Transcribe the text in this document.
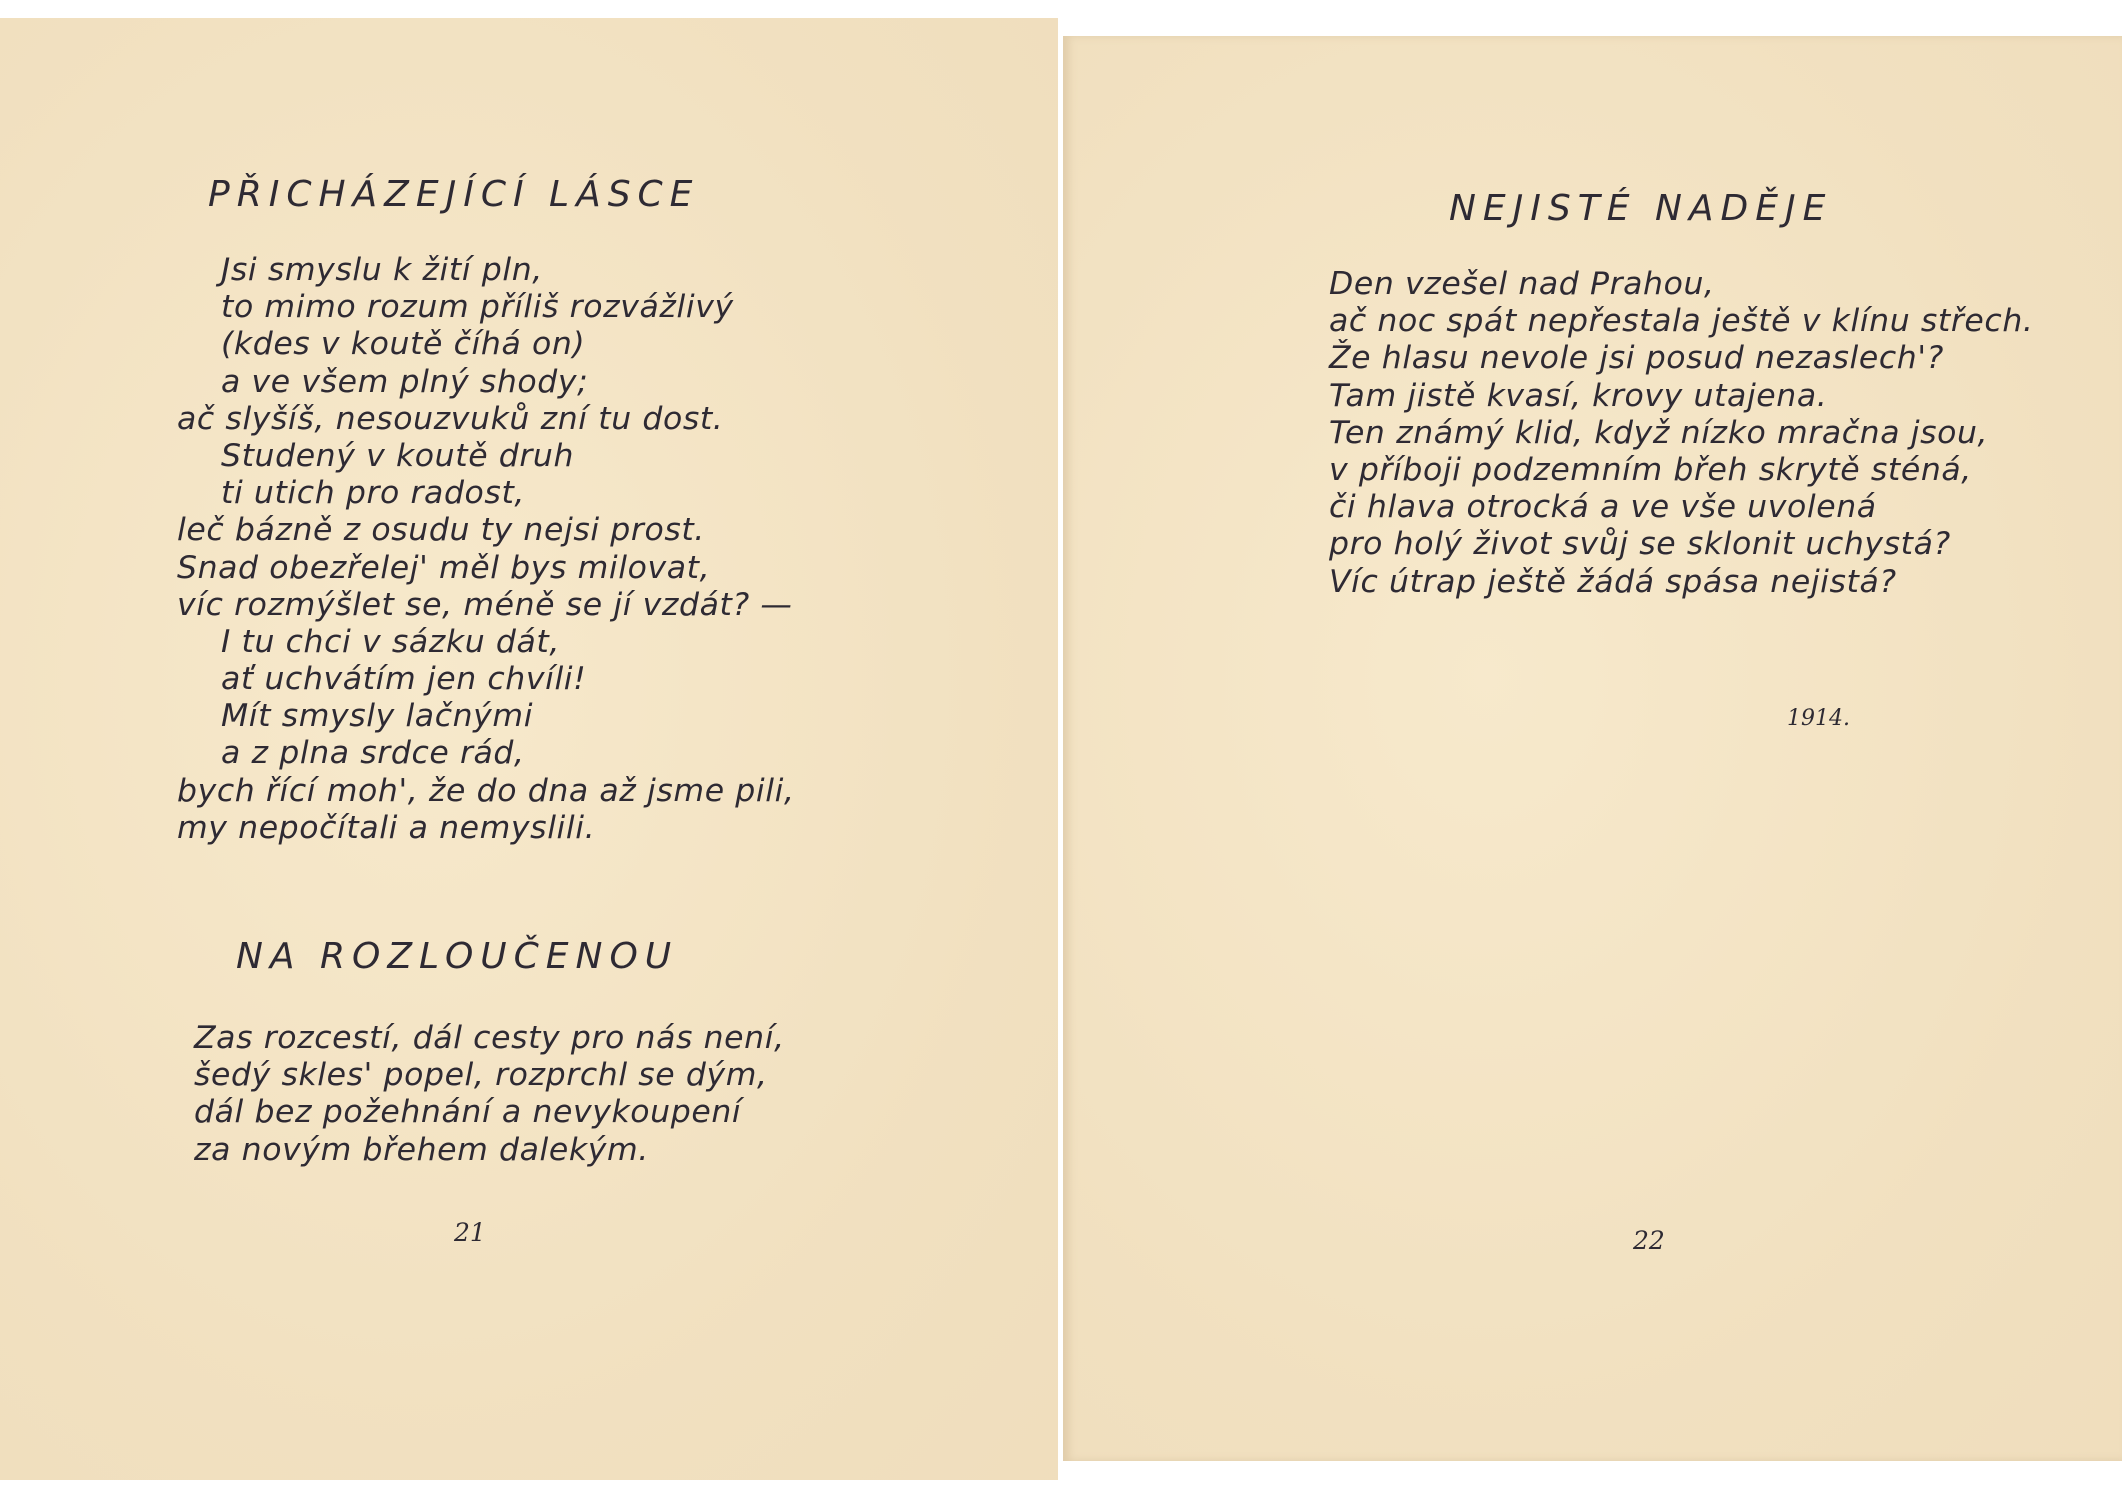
PŘICHÁZEJÍCÍ LÁSCE
Jsi smyslu k žití pln,
to mimo rozum příliš rozvážlivý
(kdes v koutě číhá on)
a ve všem plný shody;
ač slyšíš, nesouzvuků zní tu dost.
Studený v koutě druh
ti utich pro radost,
leč bázně z osudu ty nejsi prost.
Snad obezřelej' měl bys milovat,
víc rozmýšlet se, méně se jí vzdát? —
I tu chci v sázku dát,
ať uchvátím jen chvíli!
Mít smysly lačnými
a z plna srdce rád,
bych řící moh', že do dna až jsme pili,
my nepočítali a nemyslili.
NA ROZLOUČENOU
Zas rozcestí, dál cesty pro nás není,
šedý skles' popel, rozprchl se dým,
dál bez požehnání a nevykoupení
za novým břehem dalekým.
21
NEJISTÉ NADĚJE
Den vzešel nad Prahou,
ač noc spát nepřestala ještě v klínu střech.
Že hlasu nevole jsi posud nezaslech'?
Tam jistě kvasí, krovy utajena.
Ten známý klid, když nízko mračna jsou,
v příboji podzemním břeh skrytě sténá,
či hlava otrocká a ve vše uvolená
pro holý život svůj se sklonit uchystá?
Víc útrap ještě žádá spása nejistá?
1914.
22
